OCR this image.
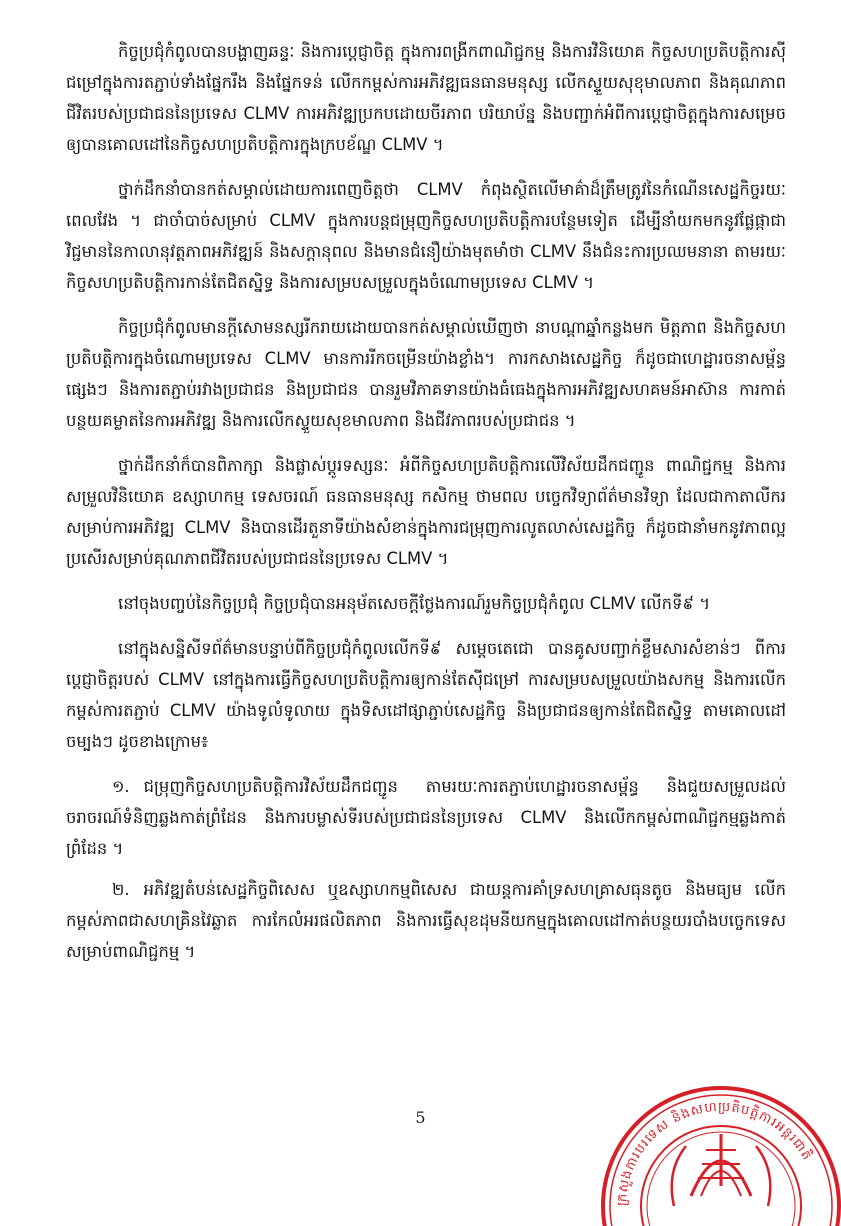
កិច្ចប្រជុំកំពូលបានបង្ហាញឆន្ទៈ និងការប្ដេជ្ញាចិត្ត ក្នុងការពង្រីកពាណិជ្ជកម្ម និងការវិនិយោគ កិច្ចសហប្រតិបត្តិការស៊ីជម្រៅក្នុងការតភ្ជាប់ទាំងផ្នែករឹង និងផ្នែកទន់ លើកកម្ពស់ការអភិវឌ្ឍធនធានមនុស្ស លើកស្ទួយសុខុមាលភាព និងគុណភាពជីវិតរបស់ប្រជាជននៃប្រទេស CLMV ការអភិវឌ្ឍប្រកបដោយចីរភាព បរិយាប័ន្ន និងបញ្ជាក់អំពីការប្ដេជ្ញាចិត្តក្នុងការសម្រេចឲ្យបានគោលដៅនៃកិច្ចសហប្រតិបត្តិការក្នុងក្របខ័ណ្ឌ CLMV ។

ថ្នាក់ដឹកនាំបានកត់សម្គាល់ដោយការពេញចិត្តថា CLMV កំពុងស្ថិតលើមាគ៌ាដ៏ត្រឹមត្រូវនៃកំណើនសេដ្ឋកិច្ចរយៈពេលវែង ។ ជាចាំបាច់សម្រាប់ CLMV ក្នុងការបន្តជម្រុញកិច្ចសហប្រតិបត្តិការបន្ថែមទៀត ដើម្បីនាំយកមកនូវផ្លែផ្កាជាវិជ្ជមាននៃកាលានុវត្តភាពអភិវឌ្ឍន៍ និងសក្ដានុពល និងមានជំនឿយ៉ាងមុតមាំថា CLMV នឹងជំនះការប្រឈមនានា តាមរយៈកិច្ចសហប្រតិបត្តិការកាន់តែជិតស្និទ្ធ និងការសម្របសម្រួលក្នុងចំណោមប្រទេស CLMV ។

កិច្ចប្រជុំកំពូលមានក្ដីសោមនស្សរីករាយដោយបានកត់សម្គាល់ឃើញថា នាបណ្ដាឆ្នាំកន្លងមក មិត្តភាព និងកិច្ចសហប្រតិបត្តិការក្នុងចំណោមប្រទេស CLMV មានការរីកចម្រើនយ៉ាងខ្លាំង។ ការកសាងសេដ្ឋកិច្ច ក៏ដូចជាហេដ្ឋារចនាសម្ព័ន្ធផ្សេងៗ និងការតភ្ជាប់រវាងប្រជាជន និងប្រជាជន បានរួមវិភាគទានយ៉ាងធំធេងក្នុងការអភិវឌ្ឍសហគមន៍អាស៊ាន ការកាត់បន្ថយគម្លាតនៃការអភិវឌ្ឍ និងការលើកស្ទួយសុខមាលភាព និងជីវភាពរបស់ប្រជាជន ។

ថ្នាក់ដឹកនាំក៏បានពិភាក្សា និងផ្លាស់ប្ដូរទស្សនៈ អំពីកិច្ចសហប្រតិបត្តិការលើវិស័យដឹកជញ្ជូន ពាណិជ្ជកម្ម និងការសម្រួលវិនិយោគ ឧស្សាហកម្ម ទេសចរណ៍ ធនធានមនុស្ស កសិកម្ម ថាមពល បច្ចេកវិទ្យាព័ត៌មានវិទ្យា ដែលជាកាតាលីករសម្រាប់ការអភិវឌ្ឍ CLMV និងបានដើរតួនាទីយ៉ាងសំខាន់ក្នុងការជម្រុញការលូតលាស់សេដ្ឋកិច្ច ក៏ដូចជានាំមកនូវភាពល្អប្រសើរសម្រាប់គុណភាពជីវិតរបស់ប្រជាជននៃប្រទេស CLMV ។

នៅចុងបញ្ចប់នៃកិច្ចប្រជុំ កិច្ចប្រជុំបានអនុម័តសេចក្ដីថ្លែងការណ៍រួមកិច្ចប្រជុំកំពូល CLMV លើកទី៩ ។

នៅក្នុងសន្និសីទព័ត៌មានបន្ទាប់ពីកិច្ចប្រជុំកំពូលលើកទី៩ សម្ដេចតេជោ បានគូសបញ្ជាក់ខ្លឹមសារសំខាន់ៗ ពីការប្ដេជ្ញាចិត្តរបស់ CLMV នៅក្នុងការធ្វើកិច្ចសហប្រតិបត្តិការឲ្យកាន់តែស៊ីជម្រៅ ការសម្របសម្រួលយ៉ាងសកម្ម និងការលើកកម្ពស់ការតភ្ជាប់ CLMV យ៉ាងទូលំទូលាយ ក្នុងទិសដៅផ្សាភ្ជាប់សេដ្ឋកិច្ច និងប្រជាជនឲ្យកាន់តែជិតស្និទ្ធ តាមគោលដៅចម្បងៗ ដូចខាងក្រោម៖

១. ជម្រុញកិច្ចសហប្រតិបត្តិការវិស័យដឹកជញ្ជូន តាមរយៈការតភ្ជាប់ហេដ្ឋារចនាសម្ព័ន្ធ និងជួយសម្រួលដល់ចរាចរណ៍ទំនិញឆ្លងកាត់ព្រំដែន និងការបម្លាស់ទីរបស់ប្រជាជននៃប្រទេស CLMV និងលើកកម្ពស់ពាណិជ្ជកម្មឆ្លងកាត់ព្រំដែន ។

២. អភិវឌ្ឍតំបន់សេដ្ឋកិច្ចពិសេស ឬឧស្សាហកម្មពិសេស ជាយន្តការគាំទ្រសហគ្រាសធុនតូច និងមធ្យម លើកកម្ពស់ភាពជាសហគ្រិនវៃឆ្លាត ការកែលំអរផលិតភាព និងការធ្វើសុខដុមនីយកម្មក្នុងគោលដៅកាត់បន្ថយរបាំងបច្ចេកទេសសម្រាប់ពាណិជ្ជកម្ម ។

5
ក្រសួងការបរទេស និងសហប្រតិបត្តិការអន្តរជាតិ
